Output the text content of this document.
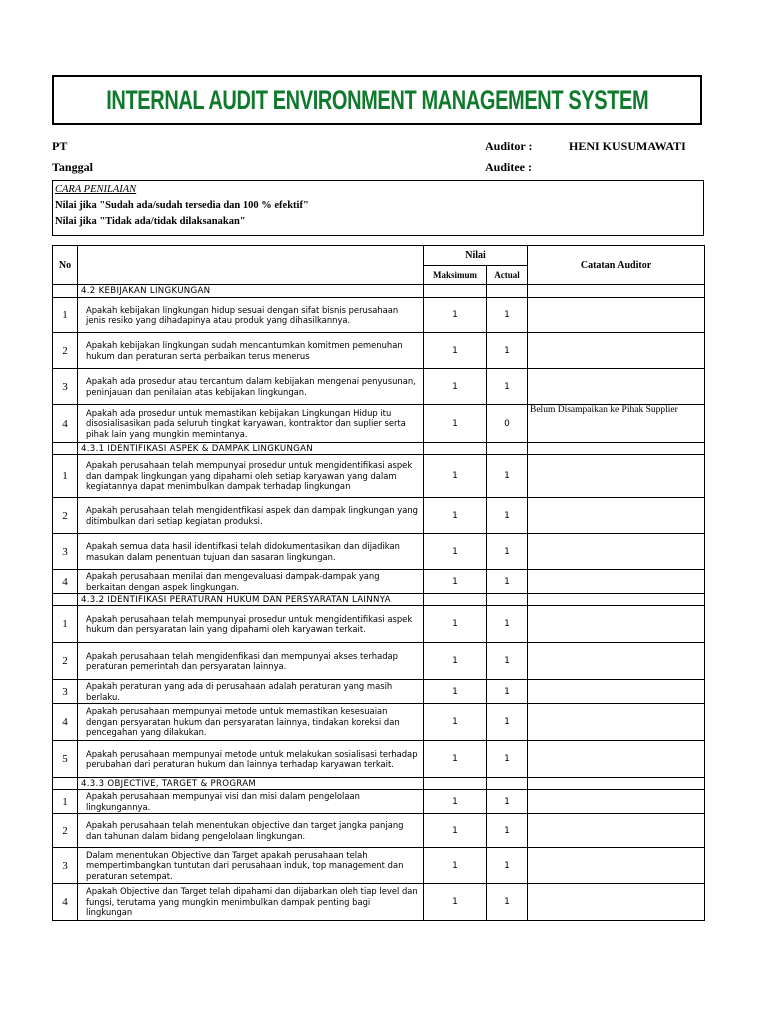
INTERNAL AUDIT ENVIRONMENT MANAGEMENT SYSTEM
PT
Tanggal
Auditor :	HENI KUSUMAWATI
Auditee :
CARA PENILAIAN
Nilai jika "Sudah ada/sudah tersedia dan 100 % efektif"
Nilai jika "Tidak ada/tidak dilaksanakan"
No		Nilai		Catatan Auditor
		Maksimum	Actual	
	4.2 KEBIJAKAN LINGKUNGAN			
1	Apakah kebijakan lingkungan hidup sesuai dengan sifat bisnis perusahaan jenis resiko yang dihadapinya atau produk yang dihasilkannya.	1	1	
2	Apakah kebijakan lingkungan sudah mencantumkan komitmen pemenuhan hukum dan peraturan serta perbaikan terus menerus	1	1	
3	Apakah ada prosedur atau tercantum dalam kebijakan mengenai penyusunan, peninjauan dan penilaian atas kebijakan lingkungan.	1	1	
4	Apakah ada prosedur untuk memastikan kebijakan Lingkungan Hidup itu disosialisasikan pada seluruh tingkat karyawan, kontraktor dan suplier serta pihak lain yang mungkin memintanya.	1	0	Belum Disampaikan ke Pihak Supplier
	4.3.1 IDENTIFIKASI ASPEK & DAMPAK LINGKUNGAN			
1	Apakah perusahaan telah mempunyai prosedur untuk mengidentifikasi aspek dan dampak lingkungan yang dipahami oleh setiap karyawan yang dalam kegiatannya dapat menimbulkan dampak terhadap lingkungan	1	1	
2	Apakah perusahaan telah mengidentfikasi aspek dan dampak lingkungan yang ditimbulkan dari setiap kegiatan produksi.	1	1	
3	Apakah semua data hasil identifkasi telah didokumentasikan dan dijadikan masukan dalam penentuan tujuan dan sasaran lingkungan.	1	1	
4	Apakah perusahaan menilai dan mengevaluasi dampak-dampak yang berkaitan dengan aspek lingkungan.	1	1	
	4.3.2 IDENTIFIKASI PERATURAN HUKUM DAN PERSYARATAN LAINNYA			
1	Apakah perusahaan telah mempunyai prosedur untuk mengidentifikasi aspek hukum dan persyaratan lain yang dipahami oleh karyawan terkait.	1	1	
2	Apakah perusahaan telah mengidenfikasi dan mempunyai akses terhadap peraturan pemerintah dan persyaratan lainnya.	1	1	
3	Apakah peraturan yang ada di perusahaan adalah peraturan yang masih berlaku.	1	1	
4	Apakah perusahaan mempunyai metode untuk memastikan kesesuaian dengan persyaratan hukum dan persyaratan lainnya, tindakan koreksi dan pencegahan yang dilakukan.	1	1	
5	Apakah perusahaan mempunyai metode untuk melakukan sosialisasi terhadap perubahan dari peraturan hukum dan lainnya terhadap karyawan terkait.	1	1	
	4.3.3 OBJECTIVE, TARGET & PROGRAM			
1	Apakah perusahaan mempunyai visi dan misi dalam pengelolaan lingkungannya.	1	1	
2	Apakah perusahaan telah menentukan objective dan target jangka panjang dan tahunan dalam bidang pengelolaan lingkungan.	1	1	
3	Dalam menentukan Objective dan Target apakah perusahaan telah mempertimbangkan tuntutan dari perusahaan induk, top management dan peraturan setempat.	1	1	
4	Apakah Objective dan Target telah dipahami dan dijabarkan oleh tiap level dan fungsi, terutama yang mungkin menimbulkan dampak penting bagi lingkungan	1	1	
